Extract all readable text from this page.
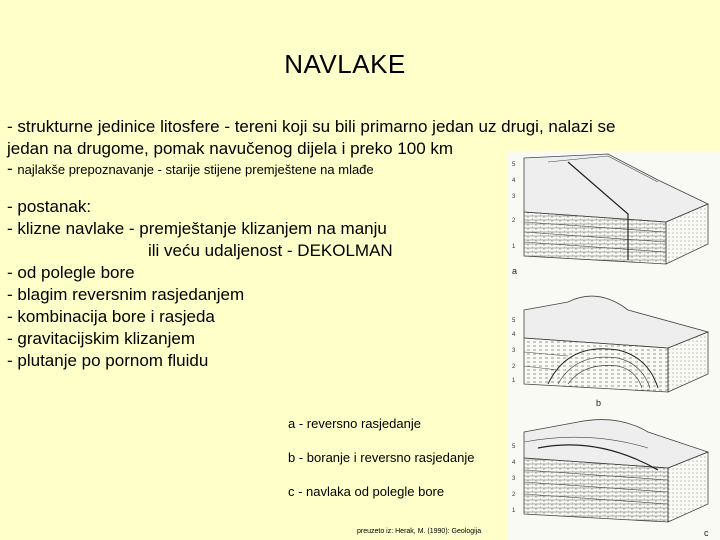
NAVLAKE
- strukturne jedinice litosfere - tereni koji su bili primarno jedan uz drugi, nalazi se
jedan na drugome, pomak navučenog dijela i preko 100 km
- najlakše prepoznavanje - starije stijene premještene na mlađe
- postanak:
- klizne navlake - premještanje klizanjem na manju
ili veću udaljenost - DEKOLMAN
- od polegle bore
- blagim reversnim rasjedanjem
- kombinacija bore i rasjeda
- gravitacijskim klizanjem
- plutanje po pornom fluidu
a - reversno rasjedanje
b - boranje i reversno rasjedanje
c - navlaka od polegle bore
preuzeto iz: Herak, M. (1990): Geologija
5
4
3
2
1
5
4
3
2
1
5
4
3
2
1
a
b
c
